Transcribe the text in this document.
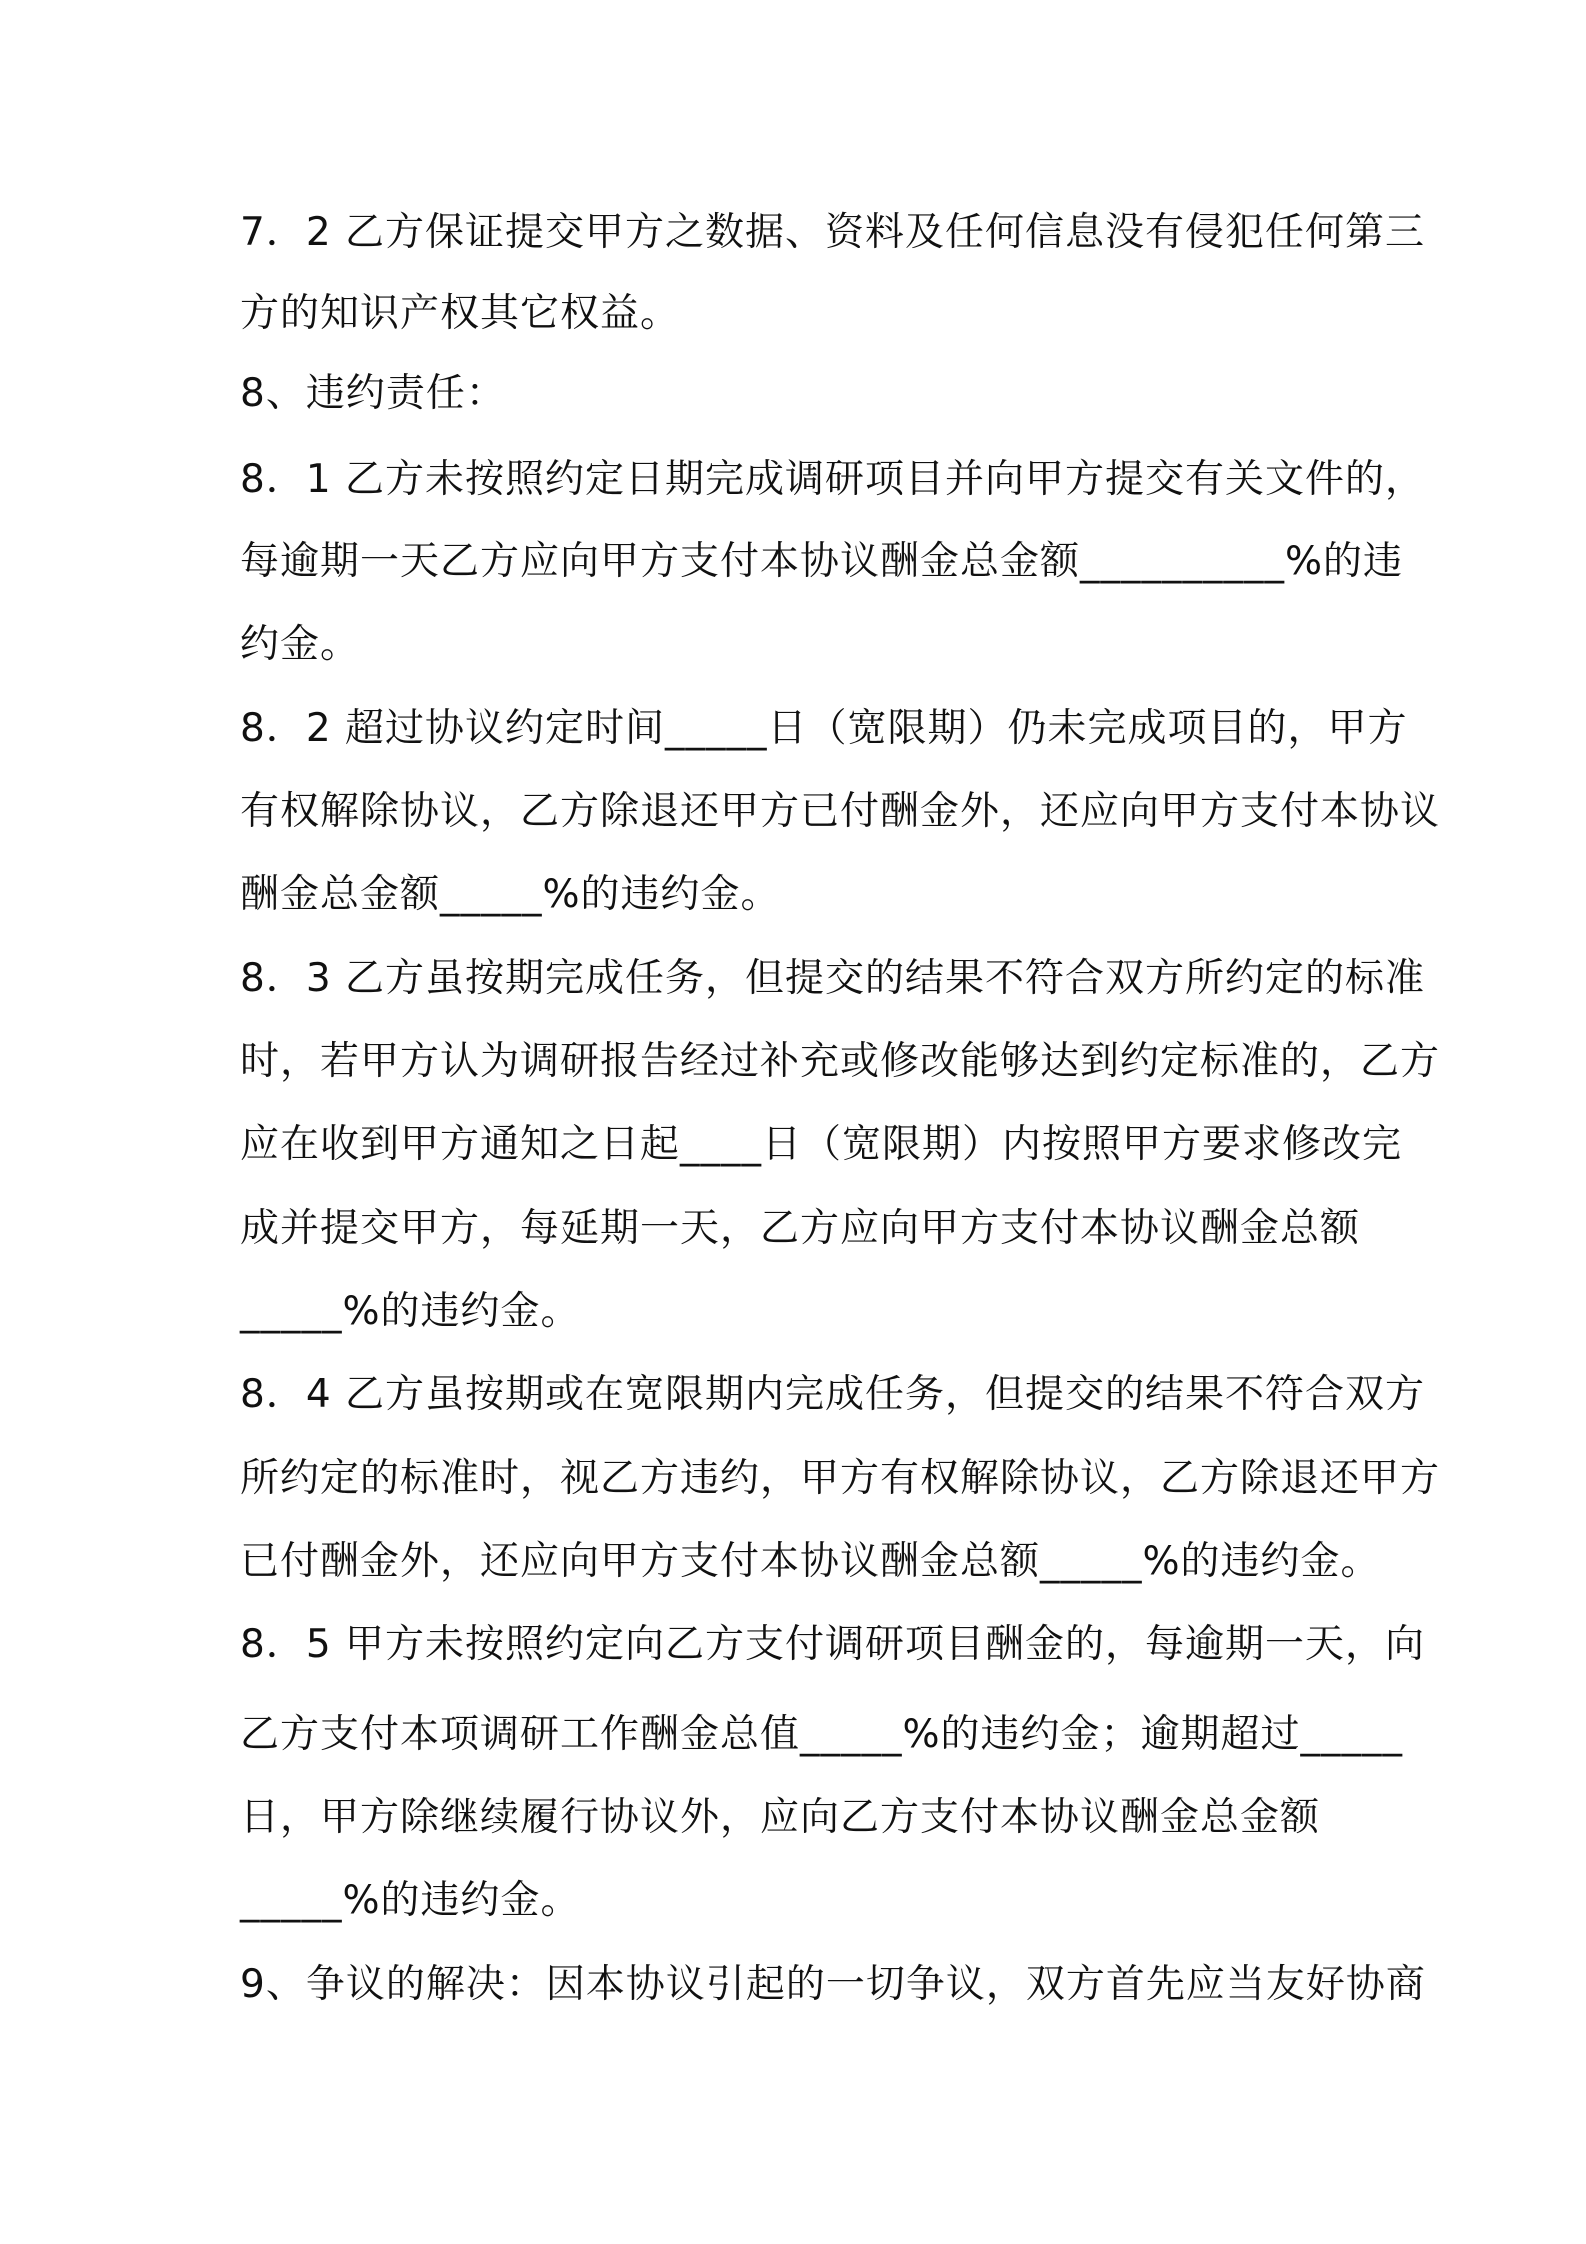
7．2 乙方保证提交甲方之数据、资料及任何信息没有侵犯任何第三
方的知识产权其它权益。
8、违约责任：
8．1 乙方未按照约定日期完成调研项目并向甲方提交有关文件的，
每逾期一天乙方应向甲方支付本协议酬金总金额__________%的违
约金。
8．2 超过协议约定时间_____日（宽限期）仍未完成项目的，甲方
有权解除协议，乙方除退还甲方已付酬金外，还应向甲方支付本协议
酬金总金额_____%的违约金。
8．3 乙方虽按期完成任务，但提交的结果不符合双方所约定的标准
时，若甲方认为调研报告经过补充或修改能够达到约定标准的，乙方
应在收到甲方通知之日起____日（宽限期）内按照甲方要求修改完
成并提交甲方，每延期一天，乙方应向甲方支付本协议酬金总额
_____%的违约金。
8．4 乙方虽按期或在宽限期内完成任务，但提交的结果不符合双方
所约定的标准时，视乙方违约，甲方有权解除协议，乙方除退还甲方
已付酬金外，还应向甲方支付本协议酬金总额_____%的违约金。
8．5 甲方未按照约定向乙方支付调研项目酬金的，每逾期一天，向
乙方支付本项调研工作酬金总值_____%的违约金；逾期超过_____
日，甲方除继续履行协议外，应向乙方支付本协议酬金总金额
_____%的违约金。
9、争议的解决：因本协议引起的一切争议，双方首先应当友好协商
